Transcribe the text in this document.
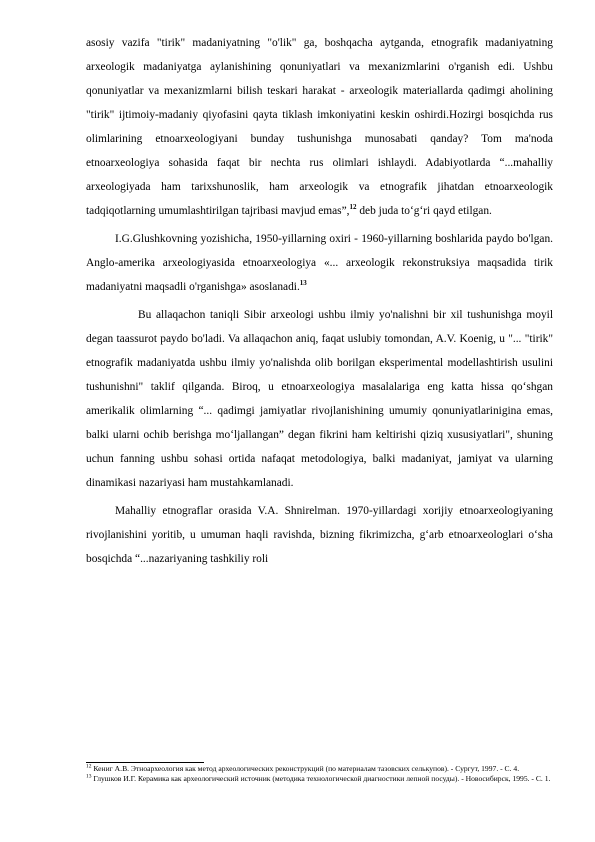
asosiy vazifa "tirik" madaniyatning "o'lik" ga, boshqacha aytganda, etnografik madaniyatning arxeologik madaniyatga aylanishining qonuniyatlari va mexanizmlarini o'rganish edi. Ushbu qonuniyatlar va mexanizmlarni bilish teskari harakat - arxeologik materiallarda qadimgi aholining "tirik" ijtimoiy-madaniy qiyofasini qayta tiklash imkoniyatini keskin oshirdi.Hozirgi bosqichda rus olimlarining etnoarxeologiyani bunday tushunishga munosabati qanday? Tom ma'noda etnoarxeologiya sohasida faqat bir nechta rus olimlari ishlaydi. Adabiyotlarda “...mahalliy arxeologiyada ham tarixshunoslik, ham arxeologik va etnografik jihatdan etnoarxeologik tadqiqotlarning umumlashtirilgan tajribasi mavjud emas”,$^{12}$ deb juda to‘g‘ri qayd etilgan.

I.G.Glushkovning yozishicha, 1950-yillarning oxiri - 1960-yillarning boshlarida paydo bo'lgan. Anglo-amerika arxeologiyasida etnoarxeologiya «... arxeologik rekonstruksiya maqsadida tirik madaniyatni maqsadli o'rganishga» asoslanadi.$^{13}$

Bu allaqachon taniqli Sibir arxeologi ushbu ilmiy yo'nalishni bir xil tushunishga moyil degan taassurot paydo bo'ladi. Va allaqachon aniq, faqat uslubiy tomondan, A.V. Koenig, u "... "tirik" etnografik madaniyatda ushbu ilmiy yo'nalishda olib borilgan eksperimental modellashtirish usulini tushunishni" taklif qilganda. Biroq, u etnoarxeologiya masalalariga eng katta hissa qo‘shgan amerikalik olimlarning “... qadimgi jamiyatlar rivojlanishining umumiy qonuniyatlarinigina emas, balki ularni ochib berishga mo‘ljallangan” degan fikrini ham keltirishi qiziq xususiyatlari", shuning uchun fanning ushbu sohasi ortida nafaqat metodologiya, balki madaniyat, jamiyat va ularning dinamikasi nazariyasi ham mustahkamlanadi.

Mahalliy etnograflar orasida V.A. Shnirelman. 1970-yillardagi xorijiy etnoarxeologiyaning rivojlanishini yoritib, u umuman haqli ravishda, bizning fikrimizcha, g‘arb etnoarxeologlari o‘sha bosqichda “...nazariyaning tashkiliy roli

$^{12}$ Кениг А.В. Этноархеология как метод археологических реконструкций (по материалам тазовских селькупов). - Сургут, 1997. - С. 4.

$^{13}$ Глушков И.Г. Керамика как археологический источник (методика технологической диагностики лепной посуды). - Новосибирск, 1995. - С. 1.
